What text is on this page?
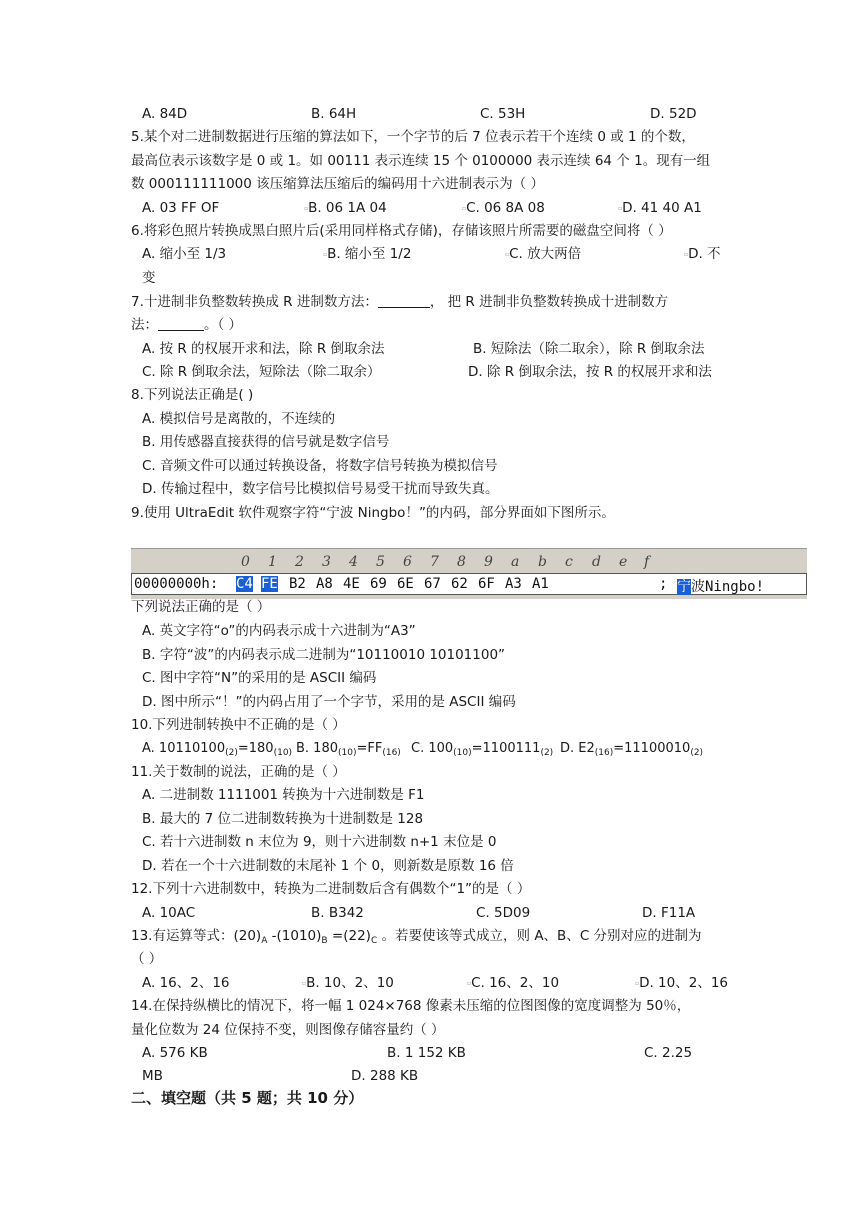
A. 84D	B. 64H	C. 53H	D. 52D
5.某个对二进制数据进行压缩的算法如下，一个字节的后 7 位表示若干个连续 0 或 1 的个数，
最高位表示该数字是 0 或 1。如 00111 表示连续 15 个 0100000 表示连续 64 个 1。现有一组
数 000111111000 该压缩算法压缩后的编码用十六进制表示为（ ）
A. 03 FF OF	▫B. 06 1A 04	▫C. 06 8A 08	▫D. 41 40 A1
6.将彩色照片转换成黑白照片后(采用同样格式存储)，存储该照片所需要的磁盘空间将（ ）
A. 缩小至 1/3	▫B. 缩小至 1/2	▫C. 放大两倍	▫D. 不
变
7.十进制非负整数转换成 R 进制数方法：	， 把 R 进制非负整数转换成十进制数方
法：	。（ ）
A. 按 R 的权展开求和法，除 R 倒取余法	B. 短除法（除二取余），除 R 倒取余法
C. 除 R 倒取余法，短除法（除二取余）	D. 除 R 倒取余法，按 R 的权展开求和法
8.下列说法正确是( )
A. 模拟信号是离散的，不连续的
B. 用传感器直接获得的信号就是数字信号
C. 音频文件可以通过转换设备，将数字信号转换为模拟信号
D. 传输过程中，数字信号比模拟信号易受干扰而导致失真。
9.使用 UltraEdit 软件观察字符“宁波 Ningbo！”的内码，部分界面如下图所示。
0 1 2 3 4 5 6 7 8 9 a b c d e f
00000000h: C4 FE B2 A8 4E 69 6E 67 62 6F A3 A1	; 宁波Ningbo!
下列说法正确的是（ ）
A. 英文字符“o”的内码表示成十六进制为“A3”
B. 字符“波”的内码表示成二进制为“10110010 10101100”
C. 图中字符“N”的采用的是 ASCII 编码
D. 图中所示“！”的内码占用了一个字节，采用的是 ASCII 编码
10.下列进制转换中不正确的是（ ）
A. $10110100_{(2)}=180_{(10)}$ B. $180_{(10)}=FF_{(16)}$ C. $100_{(10)}=1100111_{(2)}$ D. $E2_{(16)}=11100010_{(2)}$
11.关于数制的说法，正确的是（ ）
A. 二进制数 1111001 转换为十六进制数是 F1
B. 最大的 7 位二进制数转换为十进制数是 128
C. 若十六进制数 n 末位为 9，则十六进制数 n+1 末位是 0
D. 若在一个十六进制数的末尾补 1 个 0，则新数是原数 16 倍
12.下列十六进制数中，转换为二进制数后含有偶数个“1”的是（ ）
A. 10AC	B. B342	C. 5D09	D. F11A
13.有运算等式：$(20)_A$ $-(1010)_B =(22)_C$ 。若要使该等式成立，则 A、B、C 分别对应的进制为
（ ）
A. 16、2、16	▫B. 10、2、10	▫C. 16、2、10	▫D. 10、2、16
14.在保持纵横比的情况下，将一幅 1 024×768 像素未压缩的位图图像的宽度调整为 50％，
量化位数为 24 位保持不变，则图像存储容量约（ ）
A. 576 KB	B. 1 152 KB	C. 2.25
MB	D. 288 KB
二、填空题（共 5 题；共 10 分）
